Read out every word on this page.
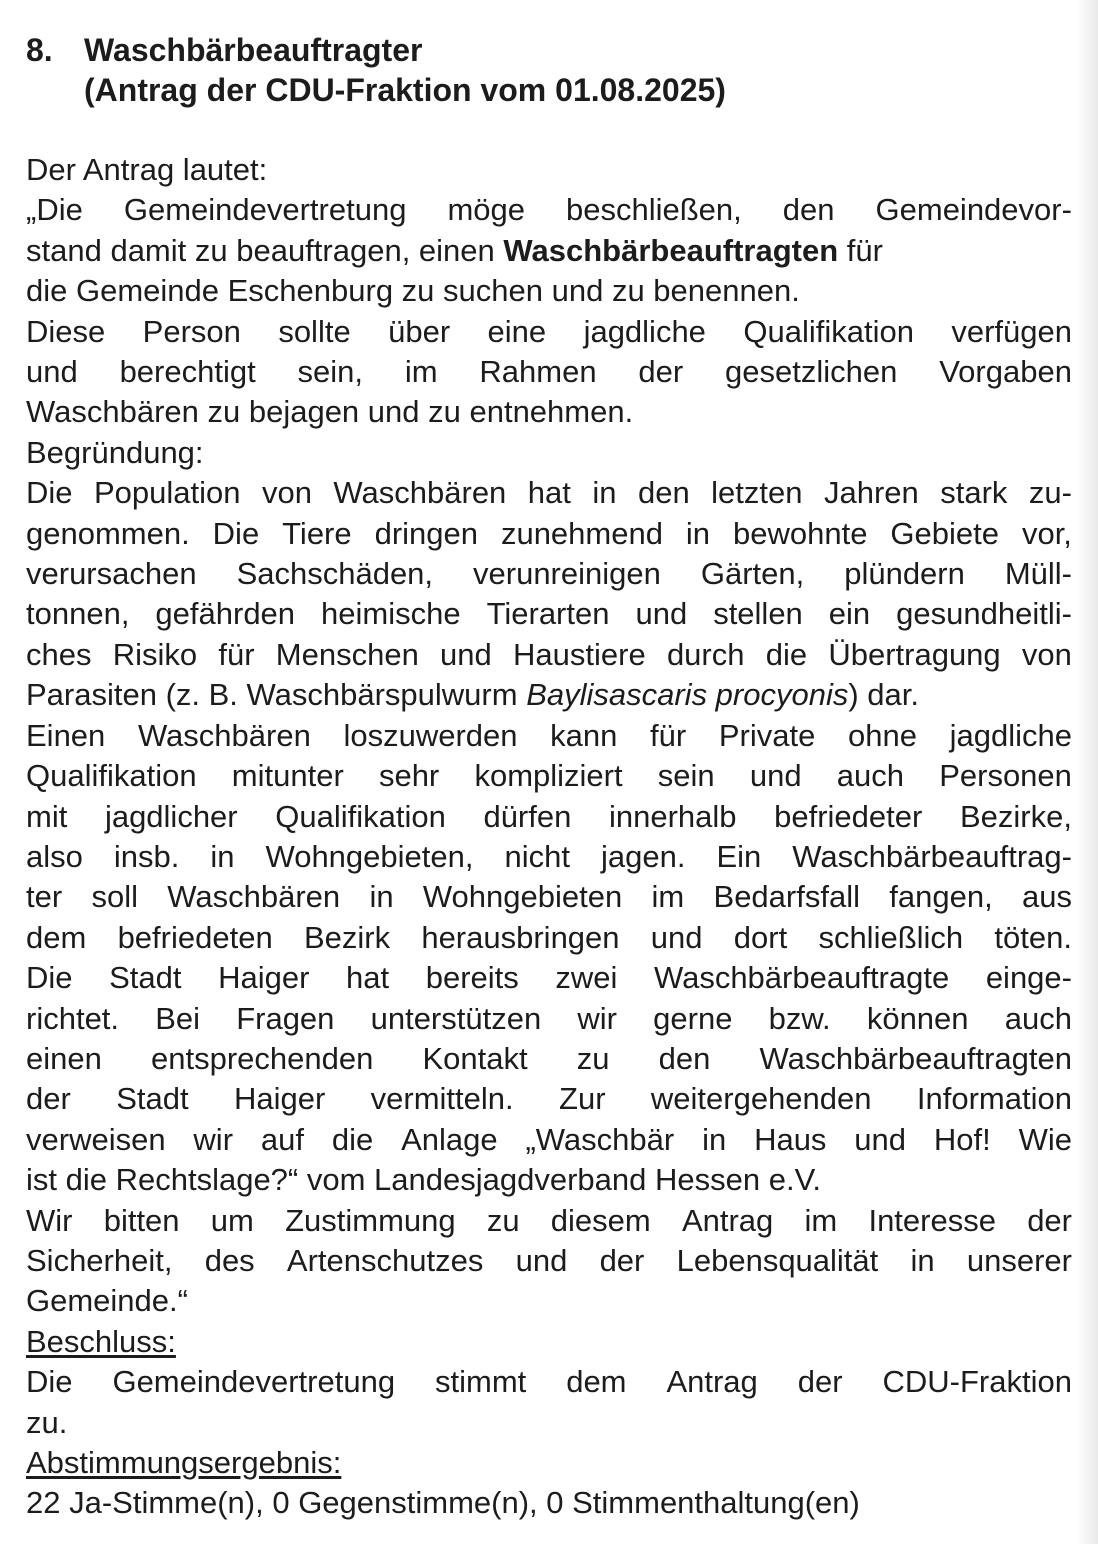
8. Waschbärbeauftragter
(Antrag der CDU-Fraktion vom 01.08.2025)
Der Antrag lautet:
„Die Gemeindevertretung möge beschließen, den Gemeindevor-
stand damit zu beauftragen, einen Waschbärbeauftragten für
die Gemeinde Eschenburg zu suchen und zu benennen.
Diese Person sollte über eine jagdliche Qualifikation verfügen
und berechtigt sein, im Rahmen der gesetzlichen Vorgaben
Waschbären zu bejagen und zu entnehmen.
Begründung:
Die Population von Waschbären hat in den letzten Jahren stark zu-
genommen. Die Tiere dringen zunehmend in bewohnte Gebiete vor,
verursachen Sachschäden, verunreinigen Gärten, plündern Müll-
tonnen, gefährden heimische Tierarten und stellen ein gesundheitli-
ches Risiko für Menschen und Haustiere durch die Übertragung von
Parasiten (z. B. Waschbärspulwurm Baylisascaris procyonis) dar.
Einen Waschbären loszuwerden kann für Private ohne jagdliche
Qualifikation mitunter sehr kompliziert sein und auch Personen
mit jagdlicher Qualifikation dürfen innerhalb befriedeter Bezirke,
also insb. in Wohngebieten, nicht jagen. Ein Waschbärbeauftrag-
ter soll Waschbären in Wohngebieten im Bedarfsfall fangen, aus
dem befriedeten Bezirk herausbringen und dort schließlich töten.
Die Stadt Haiger hat bereits zwei Waschbärbeauftragte einge-
richtet. Bei Fragen unterstützen wir gerne bzw. können auch
einen entsprechenden Kontakt zu den Waschbärbeauftragten
der Stadt Haiger vermitteln. Zur weitergehenden Information
verweisen wir auf die Anlage „Waschbär in Haus und Hof! Wie
ist die Rechtslage?“ vom Landesjagdverband Hessen e.V.
Wir bitten um Zustimmung zu diesem Antrag im Interesse der
Sicherheit, des Artenschutzes und der Lebensqualität in unserer
Gemeinde.“
Beschluss:
Die Gemeindevertretung stimmt dem Antrag der CDU-Fraktion
zu.
Abstimmungsergebnis:
22 Ja-Stimme(n), 0 Gegenstimme(n), 0 Stimmenthaltung(en)
